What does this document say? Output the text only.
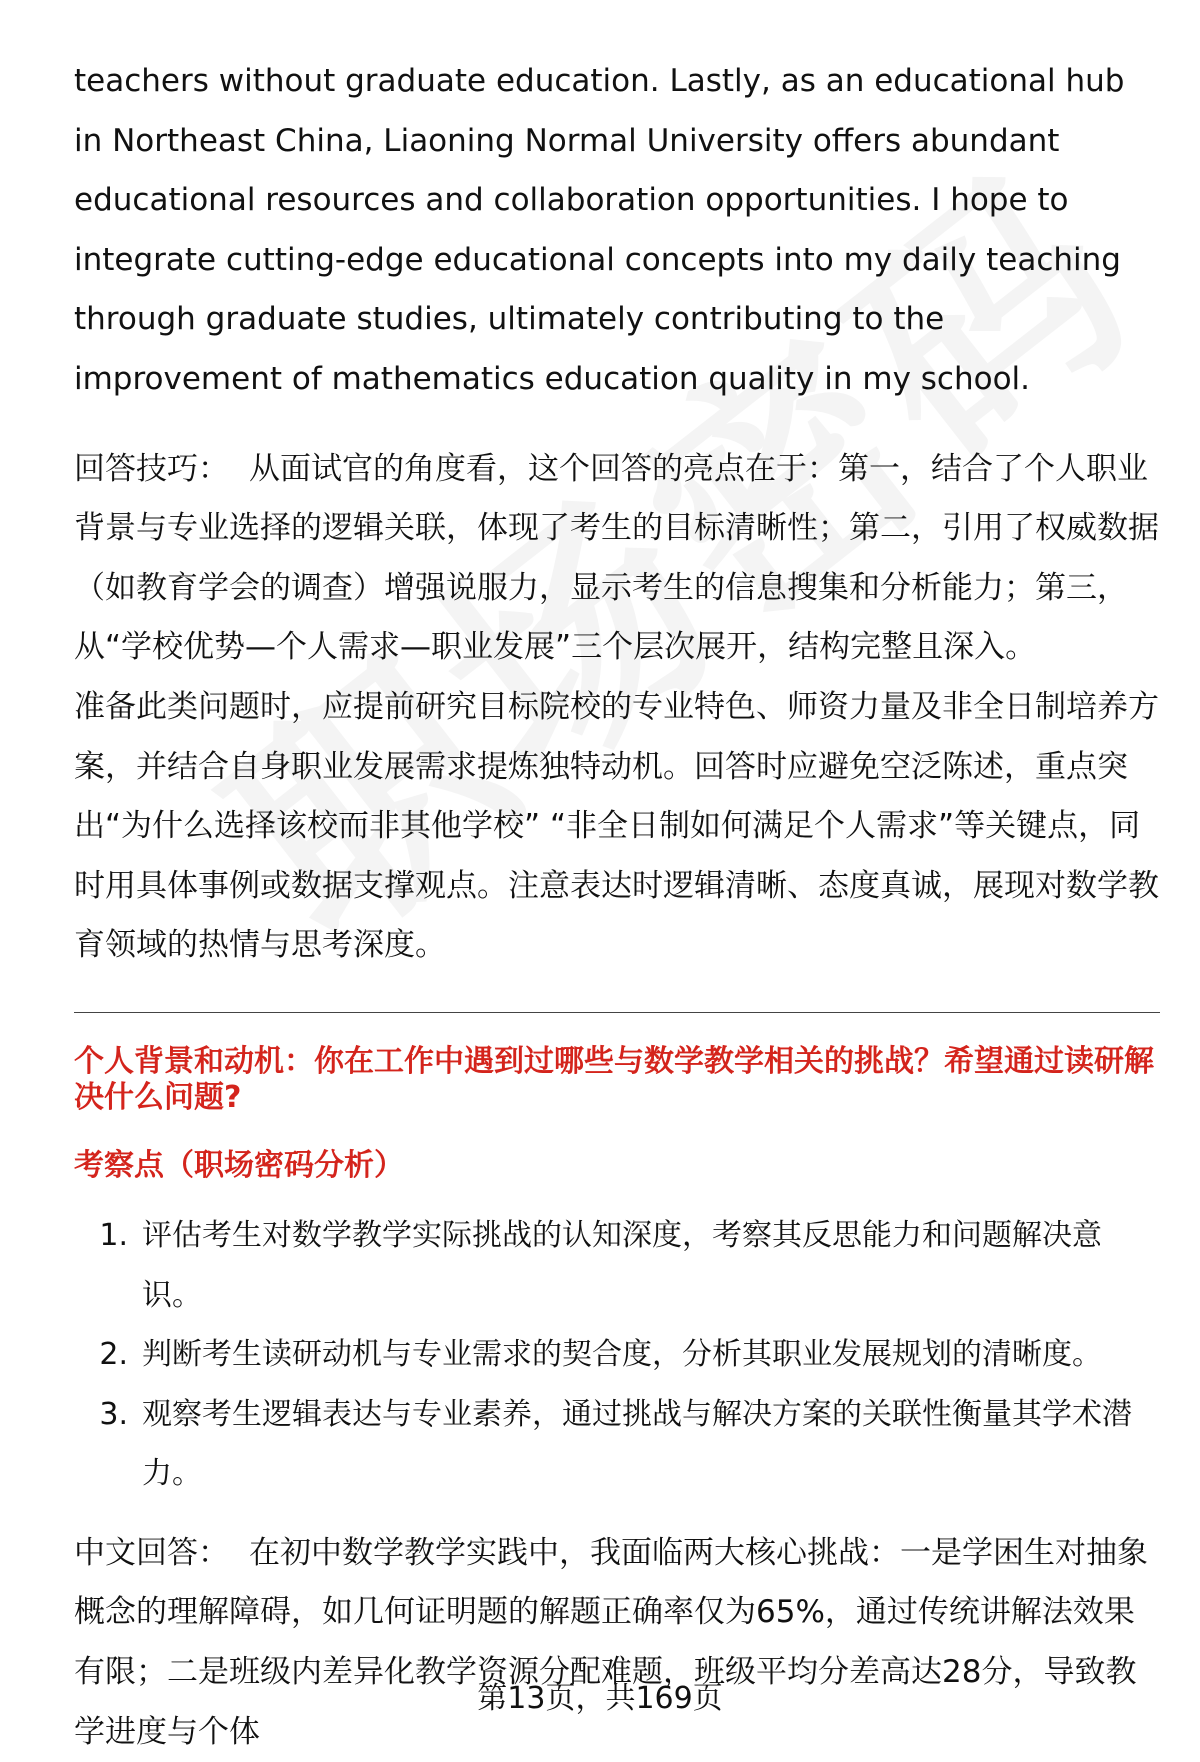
teachers without graduate education. Lastly, as an educational hub in Northeast China, Liaoning Normal University offers abundant educational resources and collaboration opportunities. I hope to integrate cutting-edge educational concepts into my daily teaching through graduate studies, ultimately contributing to the improvement of mathematics education quality in my school.

回答技巧： 从面试官的角度看，这个回答的亮点在于：第一，结合了个人职业背景与专业选择的逻辑关联，体现了考生的目标清晰性；第二，引用了权威数据（如教育学会的调查）增强说服力，显示考生的信息搜集和分析能力；第三，从“学校优势—个人需求—职业发展”三个层次展开，结构完整且深入。

准备此类问题时，应提前研究目标院校的专业特色、师资力量及非全日制培养方案，并结合自身职业发展需求提炼独特动机。回答时应避免空泛陈述，重点突出“为什么选择该校而非其他学校” “非全日制如何满足个人需求”等关键点，同时用具体事例或数据支撑观点。注意表达时逻辑清晰、态度真诚，展现对数学教育领域的热情与思考深度。

个人背景和动机：你在工作中遇到过哪些与数学教学相关的挑战？希望通过读研解决什么问题?

考察点（职场密码分析）

1. 评估考生对数学教学实际挑战的认知深度，考察其反思能力和问题解决意识。
2. 判断考生读研动机与专业需求的契合度，分析其职业发展规划的清晰度。
3. 观察考生逻辑表达与专业素养，通过挑战与解决方案的关联性衡量其学术潜力。

中文回答： 在初中数学教学实践中，我面临两大核心挑战：一是学困生对抽象概念的理解障碍，如几何证明题的解题正确率仅为65%，通过传统讲解法效果有限；二是班级内差异化教学资源分配难题，班级平均分差高达28分，导致教学进度与个体

第13页，共169页
